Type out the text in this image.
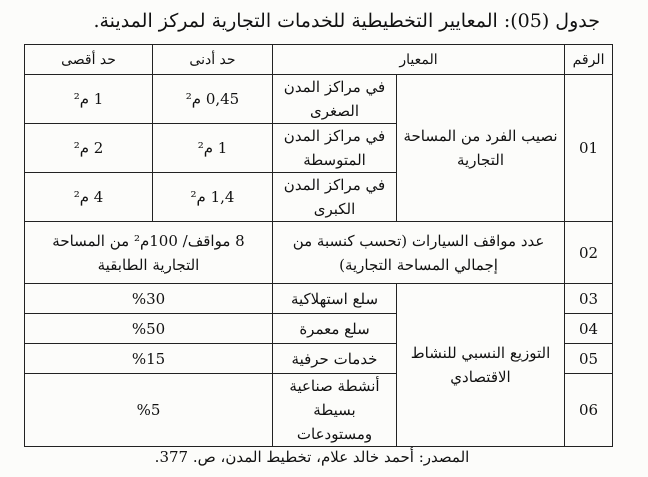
جدول (05): المعايير التخطيطية للخدمات التجارية لمركز المدينة.
الرقم	المعيار		حد أدنى	حد أقصى
01	نصيب الفرد من المساحة التجارية	في مراكز المدن الصغرى	0,45 م²	1 م²
		في مراكز المدن المتوسطة	1 م²	2 م²
		في مراكز المدن الكبرى	1,4 م²	4 م²
02	عدد مواقف السيارات (تحسب كنسبة من إجمالي المساحة التجارية)		8 مواقف/ 100م² من المساحة التجارية الطابقية	
03	التوزيع النسبي للنشاط الاقتصادي	سلع استهلاكية	%30	
04		سلع معمرة	%50	
05		خدمات حرفية	%15	
06		أنشطة صناعية بسيطة ومستودعات	%5	
المصدر: أحمد خالد علام، تخطيط المدن، ص. 377.
